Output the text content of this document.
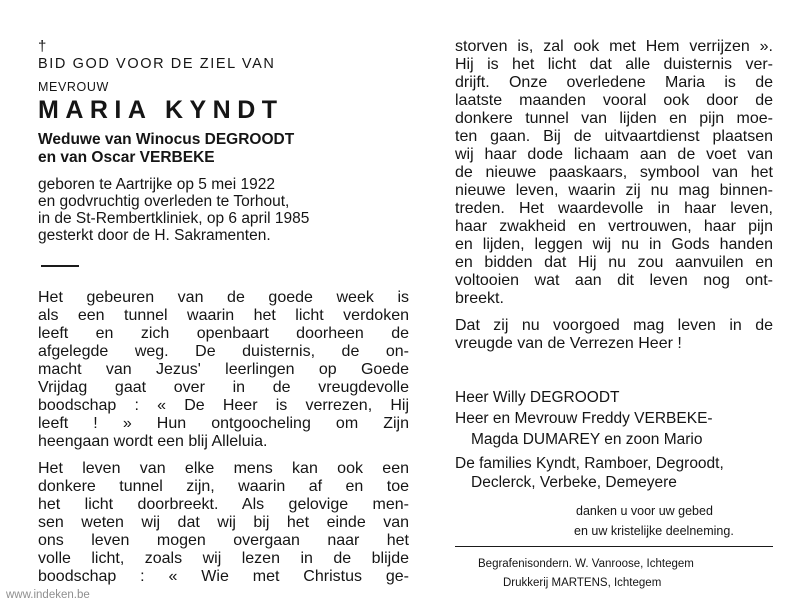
†
BID GOD VOOR DE ZIEL VAN
MEVROUW
MARIA KYNDT
Weduwe van Winocus DEGROODT
en van Oscar VERBEKE
geboren te Aartrijke op 5 mei 1922
en godvruchtig overleden te Torhout,
in de St-Rembertkliniek, op 6 april 1985
gesterkt door de H. Sakramenten.
Het gebeuren van de goede week is
als een tunnel waarin het licht verdoken
leeft en zich openbaart doorheen de
afgelegde weg. De duisternis, de on-
macht van Jezus' leerlingen op Goede
Vrijdag gaat over in de vreugdevolle
boodschap : « De Heer is verrezen, Hij
leeft ! » Hun ontgoocheling om Zijn
heengaan wordt een blij Alleluia.
Het leven van elke mens kan ook een
donkere tunnel zijn, waarin af en toe
het licht doorbreekt. Als gelovige men-
sen weten wij dat wij bij het einde van
ons leven mogen overgaan naar het
volle licht, zoals wij lezen in de blijde
boodschap : « Wie met Christus ge-
storven is, zal ook met Hem verrijzen ».
Hij is het licht dat alle duisternis ver-
drijft. Onze overledene Maria is de
laatste maanden vooral ook door de
donkere tunnel van lijden en pijn moe-
ten gaan. Bij de uitvaartdienst plaatsen
wij haar dode lichaam aan de voet van
de nieuwe paaskaars, symbool van het
nieuwe leven, waarin zij nu mag binnen-
treden. Het waardevolle in haar leven,
haar zwakheid en vertrouwen, haar pijn
en lijden, leggen wij nu in Gods handen
en bidden dat Hij nu zou aanvuilen en
voltooien wat aan dit leven nog ont-
breekt.
Dat zij nu voorgoed mag leven in de
vreugde van de Verrezen Heer !
Heer Willy DEGROODT
Heer en Mevrouw Freddy VERBEKE-
Magda DUMAREY en zoon Mario
De families Kyndt, Ramboer, Degroodt,
Declerck, Verbeke, Demeyere
danken u voor uw gebed
en uw kristelijke deelneming.
Begrafenisondern. W. Vanroose, Ichtegem
Drukkerij MARTENS, Ichtegem
www.indeken.be
